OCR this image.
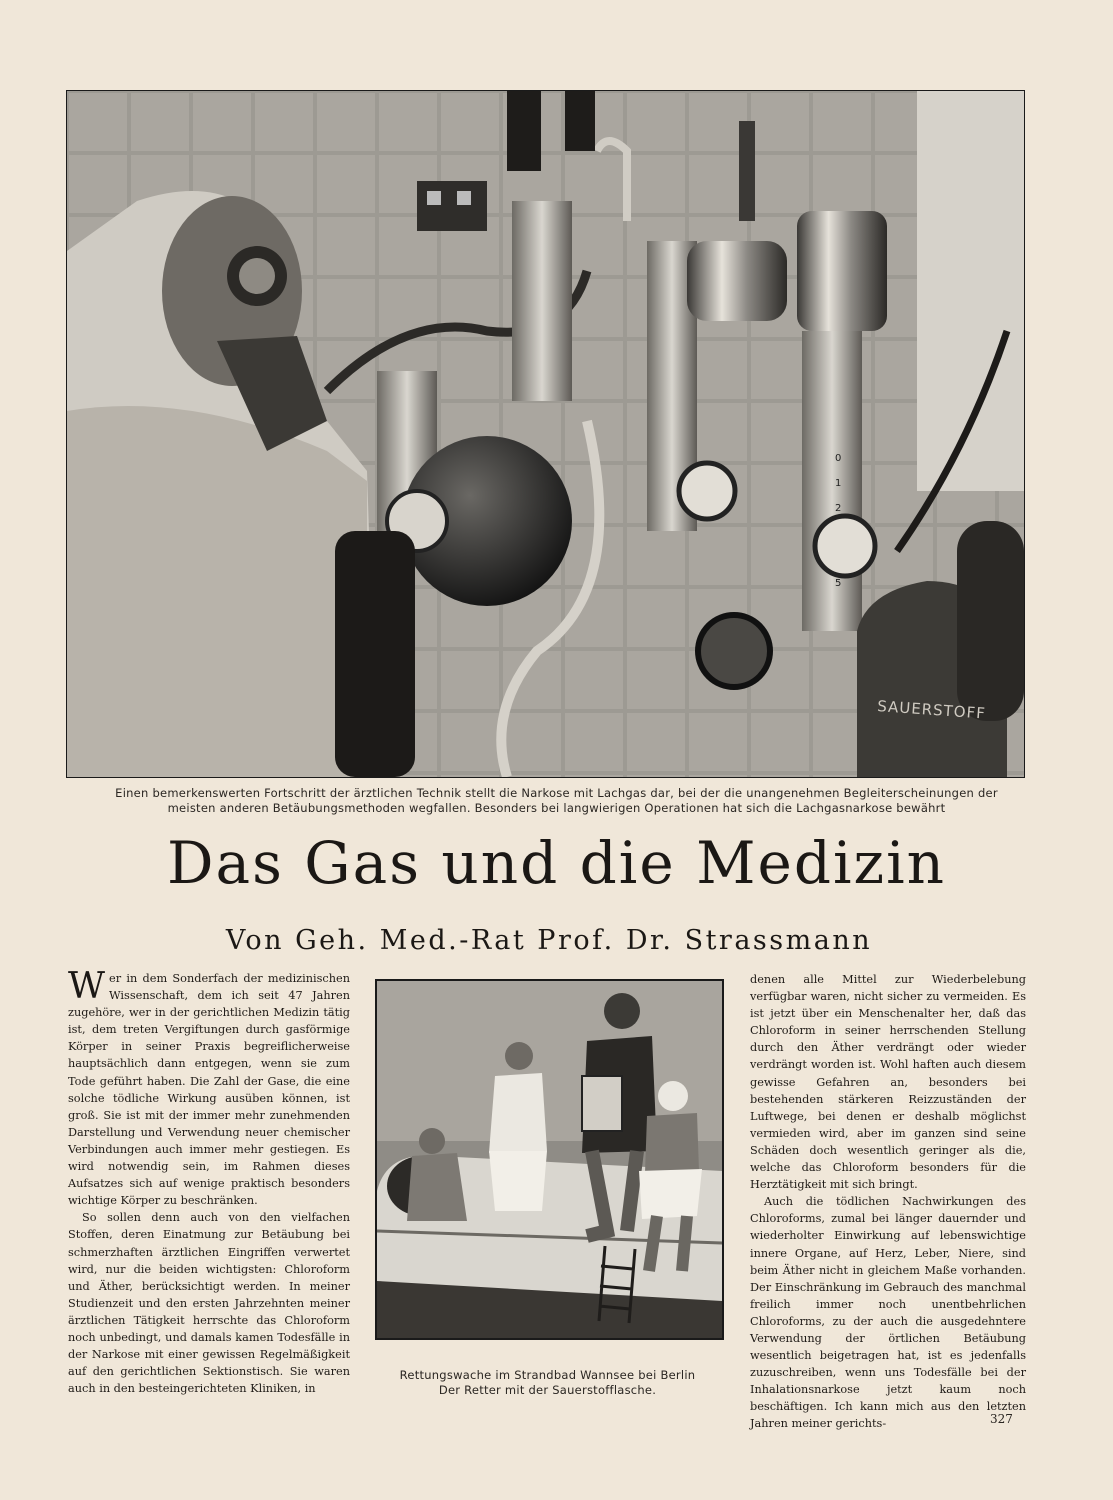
0
1
2
5
SAUERSTOFF
Einen bemerkenswerten Fortschritt der ärztlichen Technik stellt die Narkose mit Lachgas dar, bei der die unangenehmen Begleiterscheinungen der meisten anderen Betäubungsmethoden wegfallen. Besonders bei langwierigen Operationen hat sich die Lachgasnarkose bewährt
Das Gas und die Medizin
Von Geh. Med.-Rat Prof. Dr. Strassmann

Wer in dem Sonderfach der medizinischen Wissenschaft, dem ich seit 47 Jahren zugehöre, wer in der gerichtlichen Medizin tätig ist, dem treten Vergiftungen durch gasförmige Körper in seiner Praxis begreiflicherweise hauptsächlich dann entgegen, wenn sie zum Tode geführt haben. Die Zahl der Gase, die eine solche tödliche Wirkung ausüben können, ist groß. Sie ist mit der immer mehr zunehmenden Darstellung und Verwendung neuer chemischer Verbindungen auch immer mehr gestiegen. Es wird notwendig sein, im Rahmen dieses Aufsatzes sich auf wenige praktisch besonders wichtige Körper zu beschränken.

So sollen denn auch von den vielfachen Stoffen, deren Einatmung zur Betäubung bei schmerzhaften ärztlichen Eingriffen verwertet wird, nur die beiden wichtigsten: Chloroform und Äther, berücksichtigt werden. In meiner Studienzeit und den ersten Jahrzehnten meiner ärztlichen Tätigkeit herrschte das Chloroform noch unbedingt, und damals kamen Todesfälle in der Narkose mit einer gewissen Regelmäßigkeit auf den gerichtlichen Sektionstisch. Sie waren auch in den besteingerichteten Kliniken, in

Rettungswache im Strandbad Wannsee bei Berlin
Der Retter mit der Sauerstofflasche.

denen alle Mittel zur Wiederbelebung verfügbar waren, nicht sicher zu vermeiden. Es ist jetzt über ein Menschenalter her, daß das Chloroform in seiner herrschenden Stellung durch den Äther verdrängt oder wieder verdrängt worden ist. Wohl haften auch diesem gewisse Gefahren an, besonders bei bestehenden stärkeren Reizzuständen der Luftwege, bei denen er deshalb möglichst vermieden wird, aber im ganzen sind seine Schäden doch wesentlich geringer als die, welche das Chloroform besonders für die Herztätigkeit mit sich bringt.

Auch die tödlichen Nachwirkungen des Chloroforms, zumal bei länger dauernder und wiederholter Einwirkung auf lebenswichtige innere Organe, auf Herz, Leber, Niere, sind beim Äther nicht in gleichem Maße vorhanden. Der Einschränkung im Gebrauch des manchmal freilich immer noch unentbehrlichen Chloroforms, zu der auch die ausgedehntere Verwendung der örtlichen Betäubung wesentlich beigetragen hat, ist es jedenfalls zuzuschreiben, wenn uns Todesfälle bei der Inhalationsnarkose jetzt kaum noch beschäftigen. Ich kann mich aus den letzten Jahren meiner gerichts-	327
